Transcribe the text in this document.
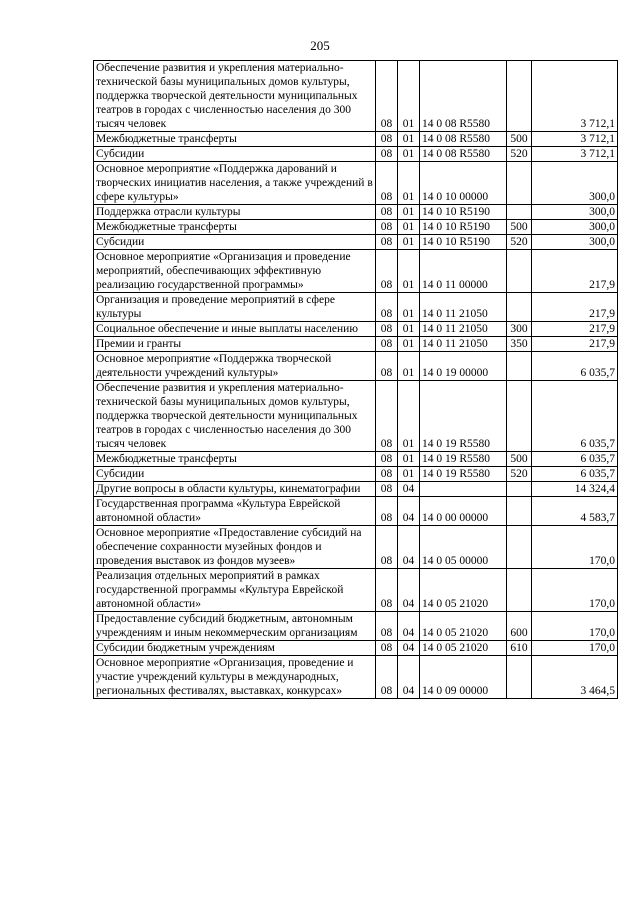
205
Обеспечение развития и укрепления материально-технической базы муниципальных домов культуры, поддержка творческой деятельности муниципальных театров в городах с численностью населения до 300 тысяч человек	08	01	14 0 08 R5580		3 712,1
Межбюджетные трансферты	08	01	14 0 08 R5580	500	3 712,1
Субсидии	08	01	14 0 08 R5580	520	3 712,1
Основное мероприятие «Поддержка дарований и творческих инициатив населения, а также учреждений в сфере культуры»	08	01	14 0 10 00000		300,0
Поддержка отрасли культуры	08	01	14 0 10 R5190		300,0
Межбюджетные трансферты	08	01	14 0 10 R5190	500	300,0
Субсидии	08	01	14 0 10 R5190	520	300,0
Основное мероприятие «Организация и проведение мероприятий, обеспечивающих эффективную реализацию государственной программы»	08	01	14 0 11 00000		217,9
Организация и проведение мероприятий в сфере культуры	08	01	14 0 11 21050		217,9
Социальное обеспечение и иные выплаты населению	08	01	14 0 11 21050	300	217,9
Премии и гранты	08	01	14 0 11 21050	350	217,9
Основное мероприятие «Поддержка творческой деятельности учреждений культуры»	08	01	14 0 19 00000		6 035,7
Обеспечение развития и укрепления материально-технической базы муниципальных домов культуры, поддержка творческой деятельности муниципальных театров в городах с численностью населения до 300 тысяч человек	08	01	14 0 19 R5580		6 035,7
Межбюджетные трансферты	08	01	14 0 19 R5580	500	6 035,7
Субсидии	08	01	14 0 19 R5580	520	6 035,7
Другие вопросы в области культуры, кинематографии	08	04			14 324,4
Государственная программа «Культура Еврейской автономной области»	08	04	14 0 00 00000		4 583,7
Основное мероприятие «Предоставление субсидий на обеспечение сохранности музейных фондов и проведения выставок из фондов музеев»	08	04	14 0 05 00000		170,0
Реализация отдельных мероприятий в рамках государственной программы «Культура Еврейской автономной области»	08	04	14 0 05 21020		170,0
Предоставление субсидий бюджетным, автономным учреждениям и иным некоммерческим организациям	08	04	14 0 05 21020	600	170,0
Субсидии бюджетным учреждениям	08	04	14 0 05 21020	610	170,0
Основное мероприятие «Организация, проведение и участие учреждений культуры в международных, региональных фестивалях, выставках, конкурсах»	08	04	14 0 09 00000		3 464,5
